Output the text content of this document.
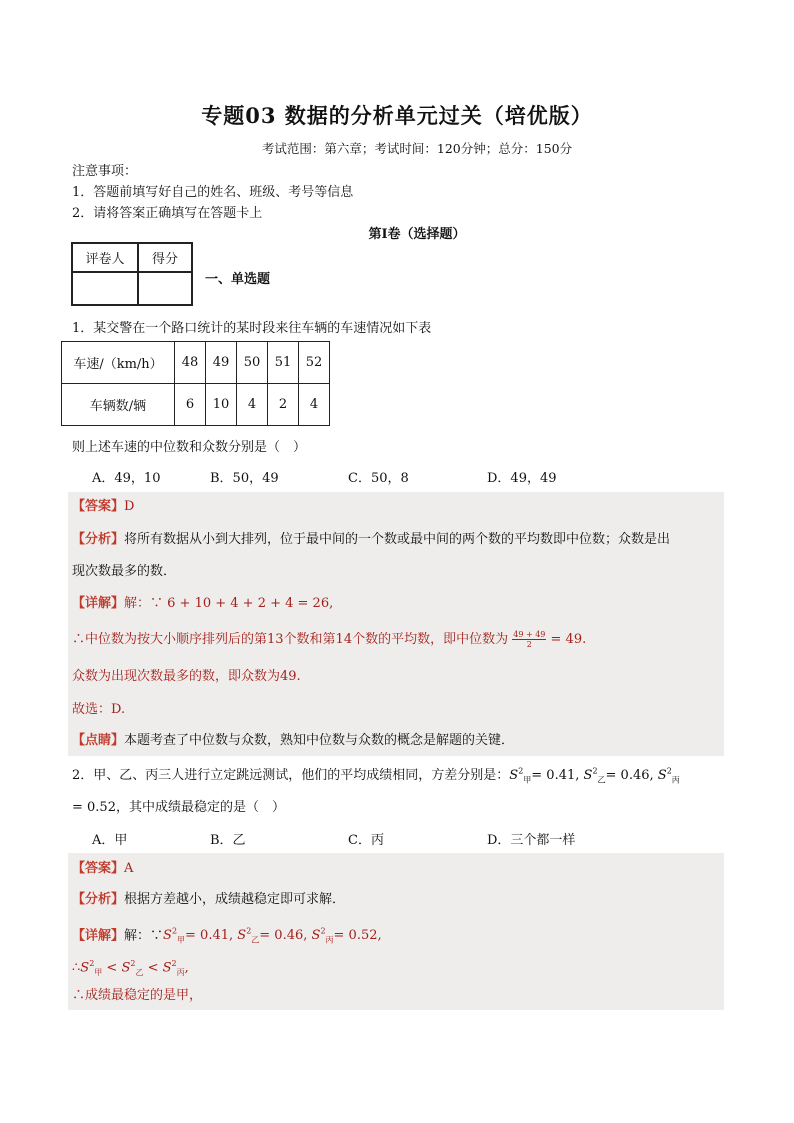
专题03 数据的分析单元过关（培优版）
考试范围：第六章；考试时间：120分钟；总分：150分
注意事项：
1．答题前填写好自己的姓名、班级、考号等信息
2．请将答案正确填写在答题卡上
第I卷（选择题）
评卷人	得分

一、单选题
1．某交警在一个路口统计的某时段来往车辆的车速情况如下表
车速/（km/h）	48	49	50	51	52
车辆数/辆	6	10	4	2	4
则上述车速的中位数和众数分别是（　）
A．49，10	B．50，49	C．50，8	D．49，49
【答案】D
【分析】将所有数据从小到大排列，位于最中间的一个数或最中间的两个数的平均数即中位数；众数是出
现次数最多的数．
【详解】解：∵ 6 + 10 + 4 + 2 + 4 = 26,
∴中位数为按大小顺序排列后的第13个数和第14个数的平均数，即中位数为 $\frac{49 + 49}{2} = 49$.
众数为出现次数最多的数，即众数为49.
故选：D.
【点睛】本题考查了中位数与众数，熟知中位数与众数的概念是解题的关键．
2．甲、乙、丙三人进行立定跳远测试，他们的平均成绩相同，方差分别是：$S^2_甲= 0.41$, $S^2_乙= 0.46$, $S^2_丙$
= 0.52，其中成绩最稳定的是（　）
A．甲	B．乙	C．丙	D．三个都一样
【答案】A
【分析】根据方差越小，成绩越稳定即可求解．
【详解】解：$\because S^2_甲= 0.41$, $S^2_乙= 0.46$, $S^2_丙= 0.52$,
$\therefore S^2_甲 < S^2_乙 < S^2_丙$,
∴成绩最稳定的是甲，
